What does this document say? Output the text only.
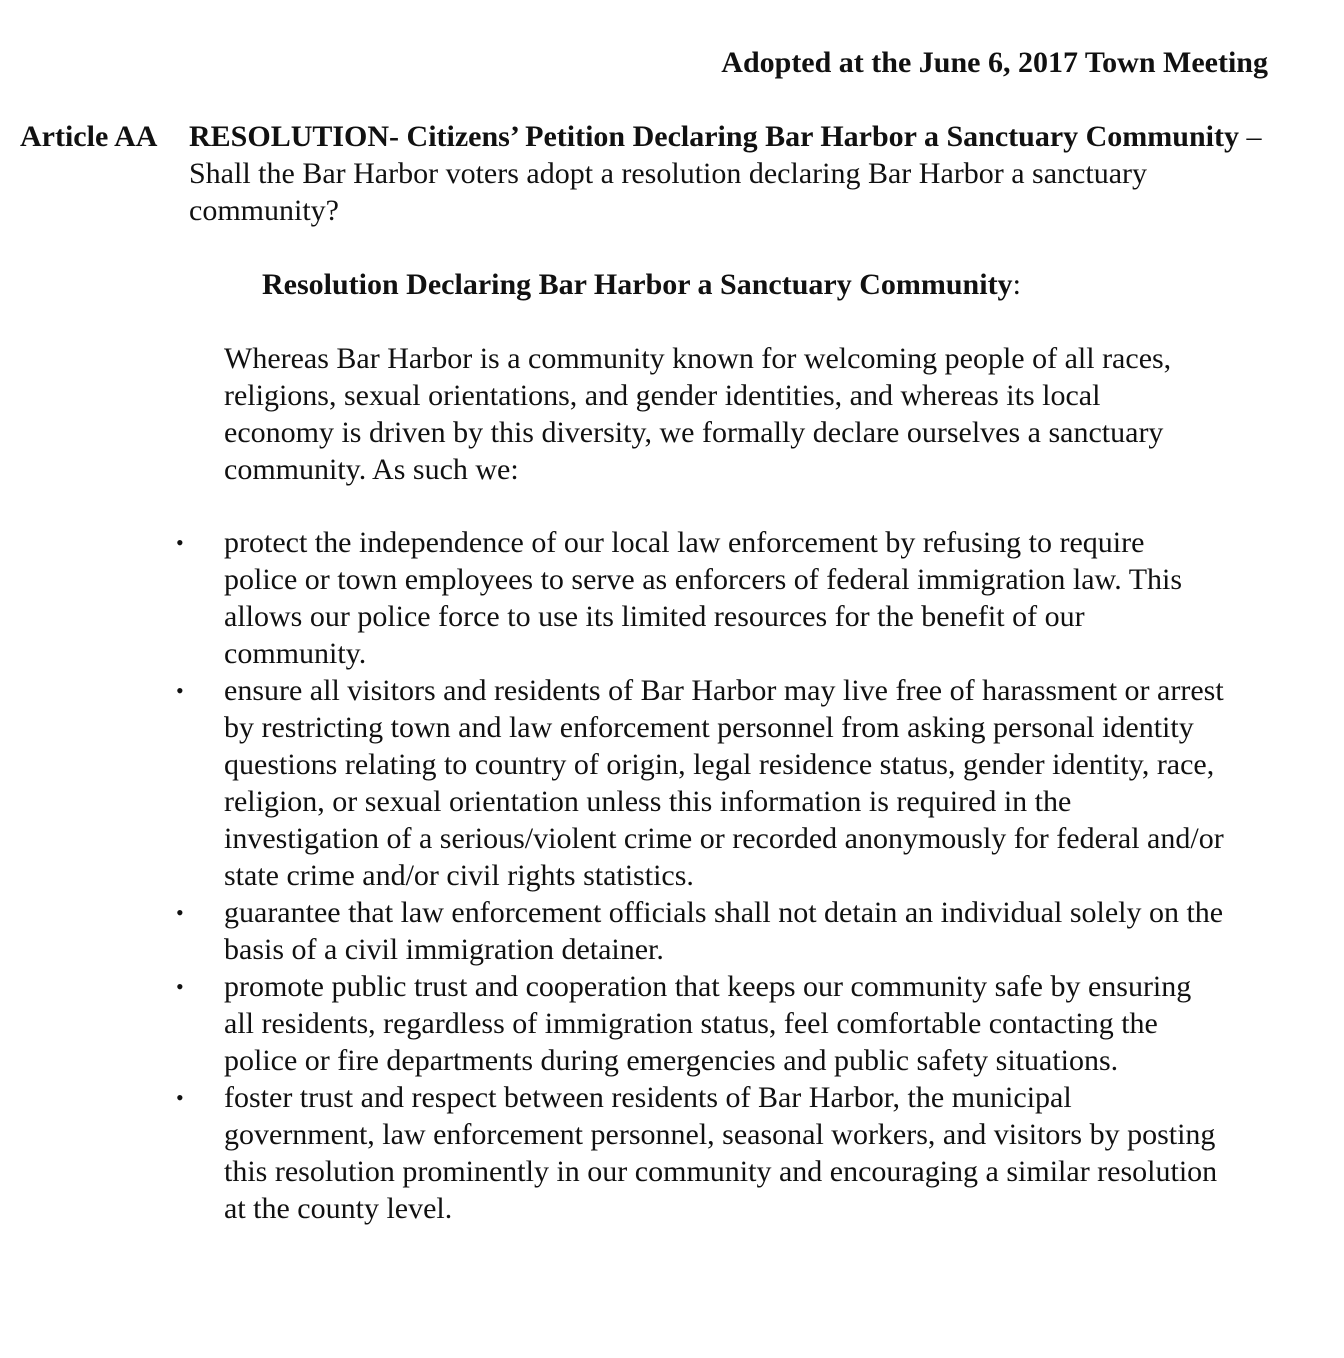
Adopted at the June 6, 2017 Town Meeting
Article AA	RESOLUTION- Citizens’ Petition Declaring Bar Harbor a Sanctuary Community – Shall the Bar Harbor voters adopt a resolution declaring Bar Harbor a sanctuary community?
Resolution Declaring Bar Harbor a Sanctuary Community:
Whereas Bar Harbor is a community known for welcoming people of all races, religions, sexual orientations, and gender identities, and whereas its local economy is driven by this diversity, we formally declare ourselves a sanctuary community. As such we:
• protect the independence of our local law enforcement by refusing to require police or town employees to serve as enforcers of federal immigration law. This allows our police force to use its limited resources for the benefit of our community.
• ensure all visitors and residents of Bar Harbor may live free of harassment or arrest by restricting town and law enforcement personnel from asking personal identity questions relating to country of origin, legal residence status, gender identity, race, religion, or sexual orientation unless this information is required in the investigation of a serious/violent crime or recorded anonymously for federal and/or state crime and/or civil rights statistics.
• guarantee that law enforcement officials shall not detain an individual solely on the basis of a civil immigration detainer.
• promote public trust and cooperation that keeps our community safe by ensuring all residents, regardless of immigration status, feel comfortable contacting the police or fire departments during emergencies and public safety situations.
• foster trust and respect between residents of Bar Harbor, the municipal government, law enforcement personnel, seasonal workers, and visitors by posting this resolution prominently in our community and encouraging a similar resolution at the county level.
